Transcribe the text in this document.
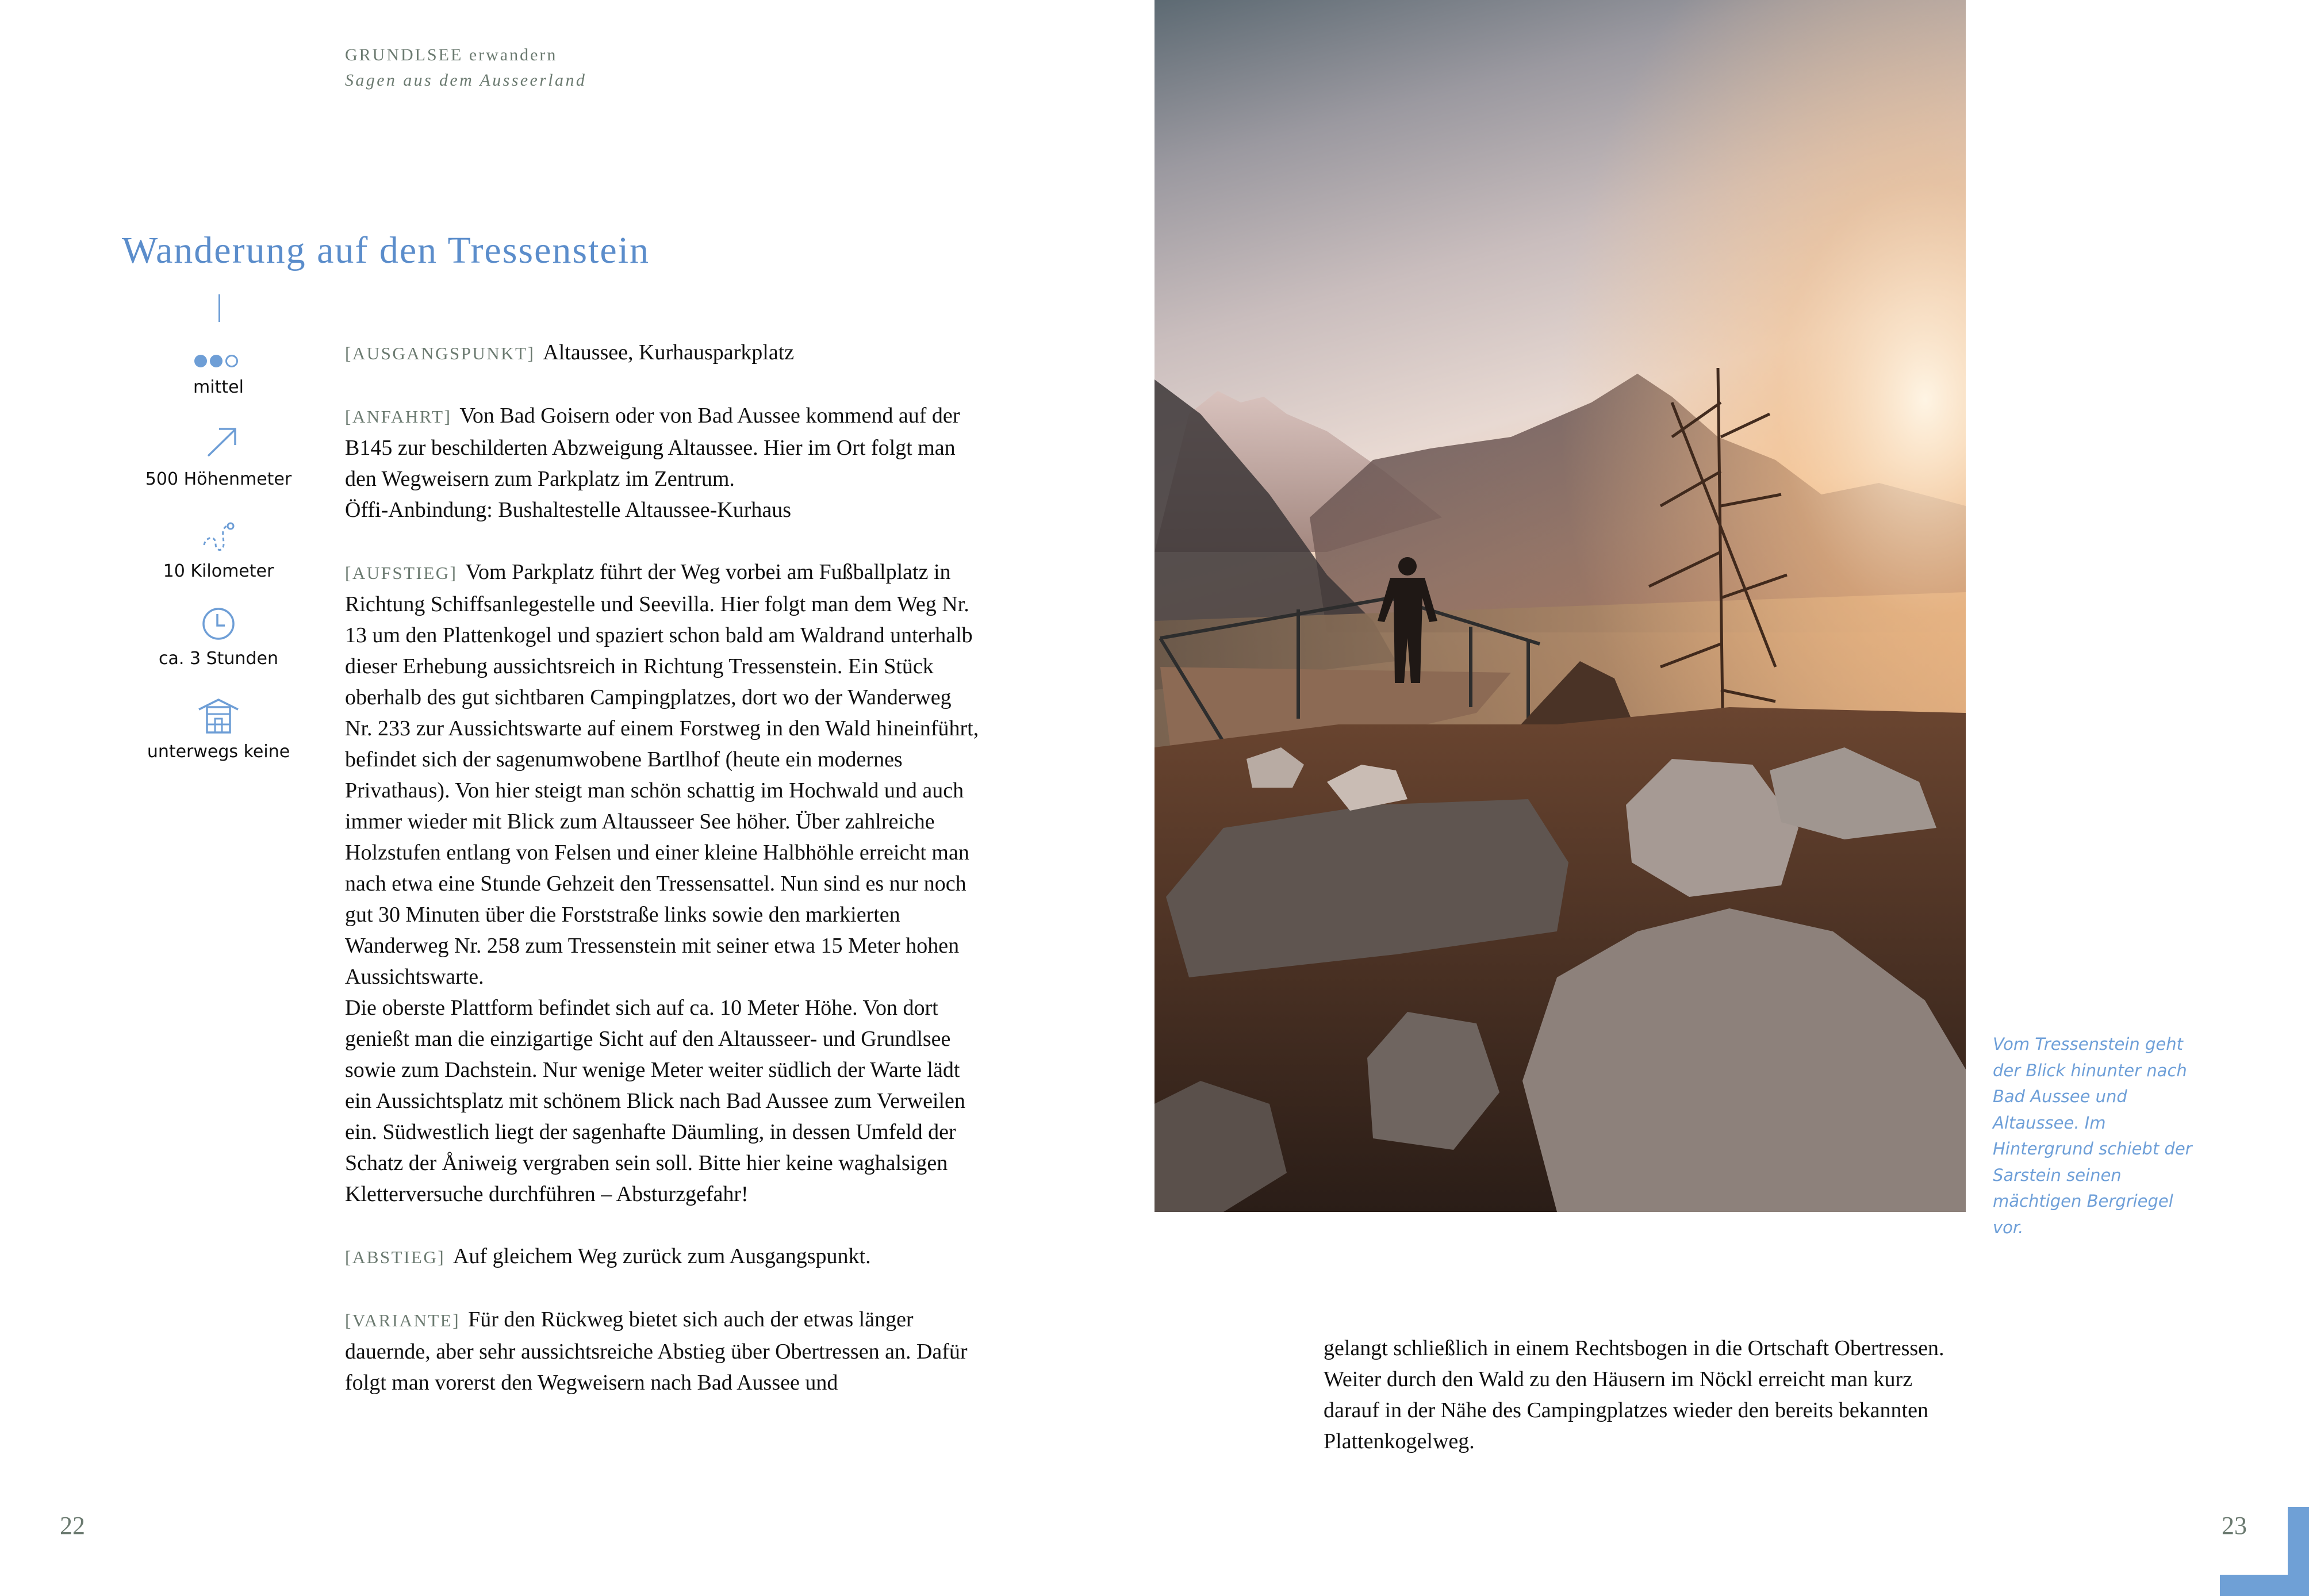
GRUNDLSEE erwandern
Sagen aus dem Ausseerland
Wanderung auf den Tressenstein
mittel
500 Höhenmeter
10 Kilometer
ca. 3 Stunden
unterwegs keine

[AUSGANGSPUNKT] Altaussee, Kurhausparkplatz

[ANFAHRT] Von Bad Goisern oder von Bad Aussee kommend auf der B145 zur beschilderten Abzweigung Altaussee. Hier im Ort folgt man den Wegweisern zum Parkplatz im Zentrum.

Öffi-Anbindung: Bushaltestelle Altaussee-Kurhaus

[AUFSTIEG] Vom Parkplatz führt der Weg vorbei am Fußballplatz in Richtung Schiffsanlegestelle und Seevilla. Hier folgt man dem Weg Nr. 13 um den Plattenkogel und spaziert schon bald am Waldrand unterhalb dieser Erhebung aussichtsreich in Richtung Tressenstein. Ein Stück oberhalb des gut sichtbaren Campingplatzes, dort wo der Wanderweg Nr. 233 zur Aussichtswarte auf einem Forstweg in den Wald hineinführt, befindet sich der sagenumwobene Bartlhof (heute ein modernes Privathaus). Von hier steigt man schön schattig im Hochwald und auch immer wieder mit Blick zum Altausseer See höher. Über zahlreiche Holzstufen entlang von Felsen und einer kleine Halbhöhle erreicht man nach etwa eine Stunde Gehzeit den Tressensattel. Nun sind es nur noch gut 30 Minuten über die Forststraße links sowie den markierten Wanderweg Nr. 258 zum Tressenstein mit seiner etwa 15 Meter hohen Aussichtswarte.

Die oberste Plattform befindet sich auf ca. 10 Meter Höhe. Von dort genießt man die einzigartige Sicht auf den Altausseer- und Grundlsee sowie zum Dachstein. Nur wenige Meter weiter südlich der Warte lädt ein Aussichtsplatz mit schönem Blick nach Bad Aussee zum Verweilen ein. Südwestlich liegt der sagenhafte Däumling, in dessen Umfeld der Schatz der Åniweig vergraben sein soll. Bitte hier keine waghalsigen Kletterversuche durchführen – Absturzgefahr!

[ABSTIEG] Auf gleichem Weg zurück zum Ausgangspunkt.

[VARIANTE] Für den Rückweg bietet sich auch der etwas länger dauernde, aber sehr aussichtsreiche Abstieg über Obertressen an. Dafür folgt man vorerst den Wegweisern nach Bad Aussee und

Vom Tressenstein geht der Blick hinunter nach Bad Aussee und Altaussee. Im Hintergrund schiebt der Sarstein seinen mächtigen Bergriegel vor.

gelangt schließlich in einem Rechtsbogen in die Ortschaft Obertressen. Weiter durch den Wald zu den Häusern im Nöckl erreicht man kurz darauf in der Nähe des Campingplatzes wieder den bereits bekannten Plattenkogelweg.

22	23
